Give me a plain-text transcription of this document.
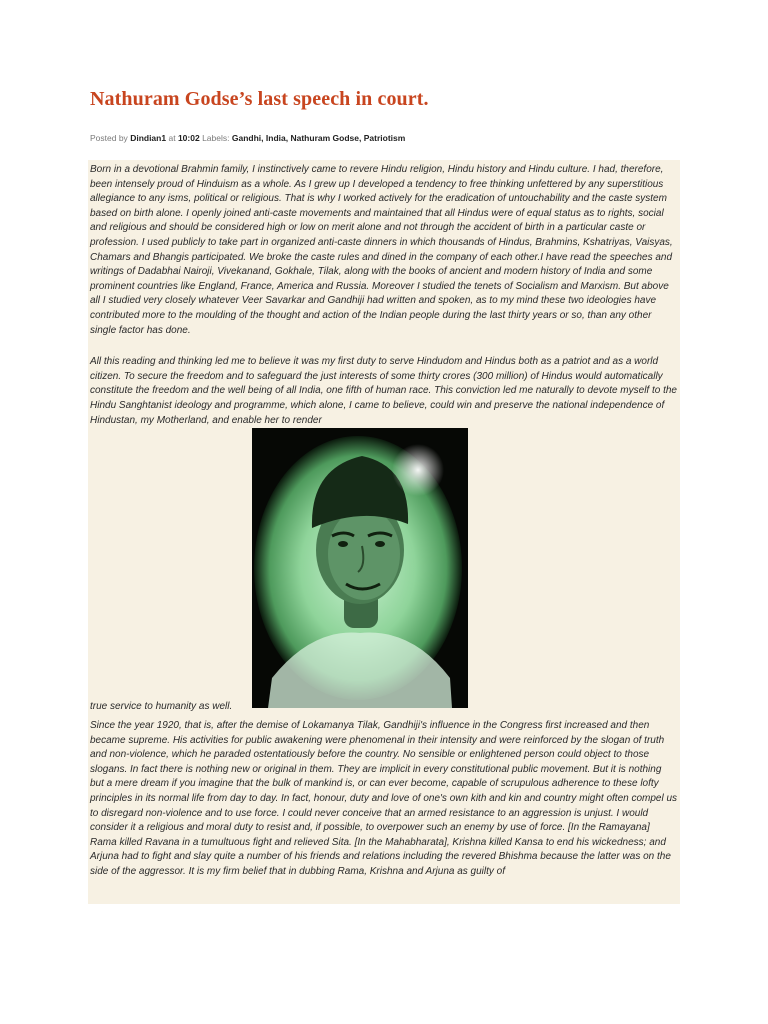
Nathuram Godse’s last speech in court.
Posted by Dindian1 at 10:02 Labels: Gandhi, India, Nathuram Godse, Patriotism

Born in a devotional Brahmin family, I instinctively came to revere Hindu religion, Hindu history and Hindu culture. I had, therefore, been intensely proud of Hinduism as a whole. As I grew up I developed a tendency to free thinking unfettered by any superstitious allegiance to any isms, political or religious. That is why I worked actively for the eradication of untouchability and the caste system based on birth alone. I openly joined anti-caste movements and maintained that all Hindus were of equal status as to rights, social and religious and should be considered high or low on merit alone and not through the accident of birth in a particular caste or profession. I used publicly to take part in organized anti-caste dinners in which thousands of Hindus, Brahmins, Kshatriyas, Vaisyas, Chamars and Bhangis participated. We broke the caste rules and dined in the company of each other.I have read the speeches and writings of Dadabhai Nairoji, Vivekanand, Gokhale, Tilak, along with the books of ancient and modern history of India and some prominent countries like England, France, America and Russia. Moreover I studied the tenets of Socialism and Marxism. But above all I studied very closely whatever Veer Savarkar and Gandhiji had written and spoken, as to my mind these two ideologies have contributed more to the moulding of the thought and action of the Indian people during the last thirty years or so, than any other single factor has done.

All this reading and thinking led me to believe it was my first duty to serve Hindudom and Hindus both as a patriot and as a world citizen. To secure the freedom and to safeguard the just interests of some thirty crores (300 million) of Hindus would automatically constitute the freedom and the well being of all India, one fifth of human race. This conviction led me naturally to devote myself to the Hindu Sanghtanist ideology and programme, which alone, I came to believe, could win and preserve the national independence of Hindustan, my Motherland, and enable her to render

true service to humanity as well.

Since the year 1920, that is, after the demise of Lokamanya Tilak, Gandhiji's influence in the Congress first increased and then became supreme. His activities for public awakening were phenomenal in their intensity and were reinforced by the slogan of truth and non-violence, which he paraded ostentatiously before the country. No sensible or enlightened person could object to those slogans. In fact there is nothing new or original in them. They are implicit in every constitutional public movement. But it is nothing but a mere dream if you imagine that the bulk of mankind is, or can ever become, capable of scrupulous adherence to these lofty principles in its normal life from day to day. In fact, honour, duty and love of one's own kith and kin and country might often compel us to disregard non-violence and to use force. I could never conceive that an armed resistance to an aggression is unjust. I would consider it a religious and moral duty to resist and, if possible, to overpower such an enemy by use of force. [In the Ramayana] Rama killed Ravana in a tumultuous fight and relieved Sita. [In the Mahabharata], Krishna killed Kansa to end his wickedness; and Arjuna had to fight and slay quite a number of his friends and relations including the revered Bhishma because the latter was on the side of the aggressor. It is my firm belief that in dubbing Rama, Krishna and Arjuna as guilty of
